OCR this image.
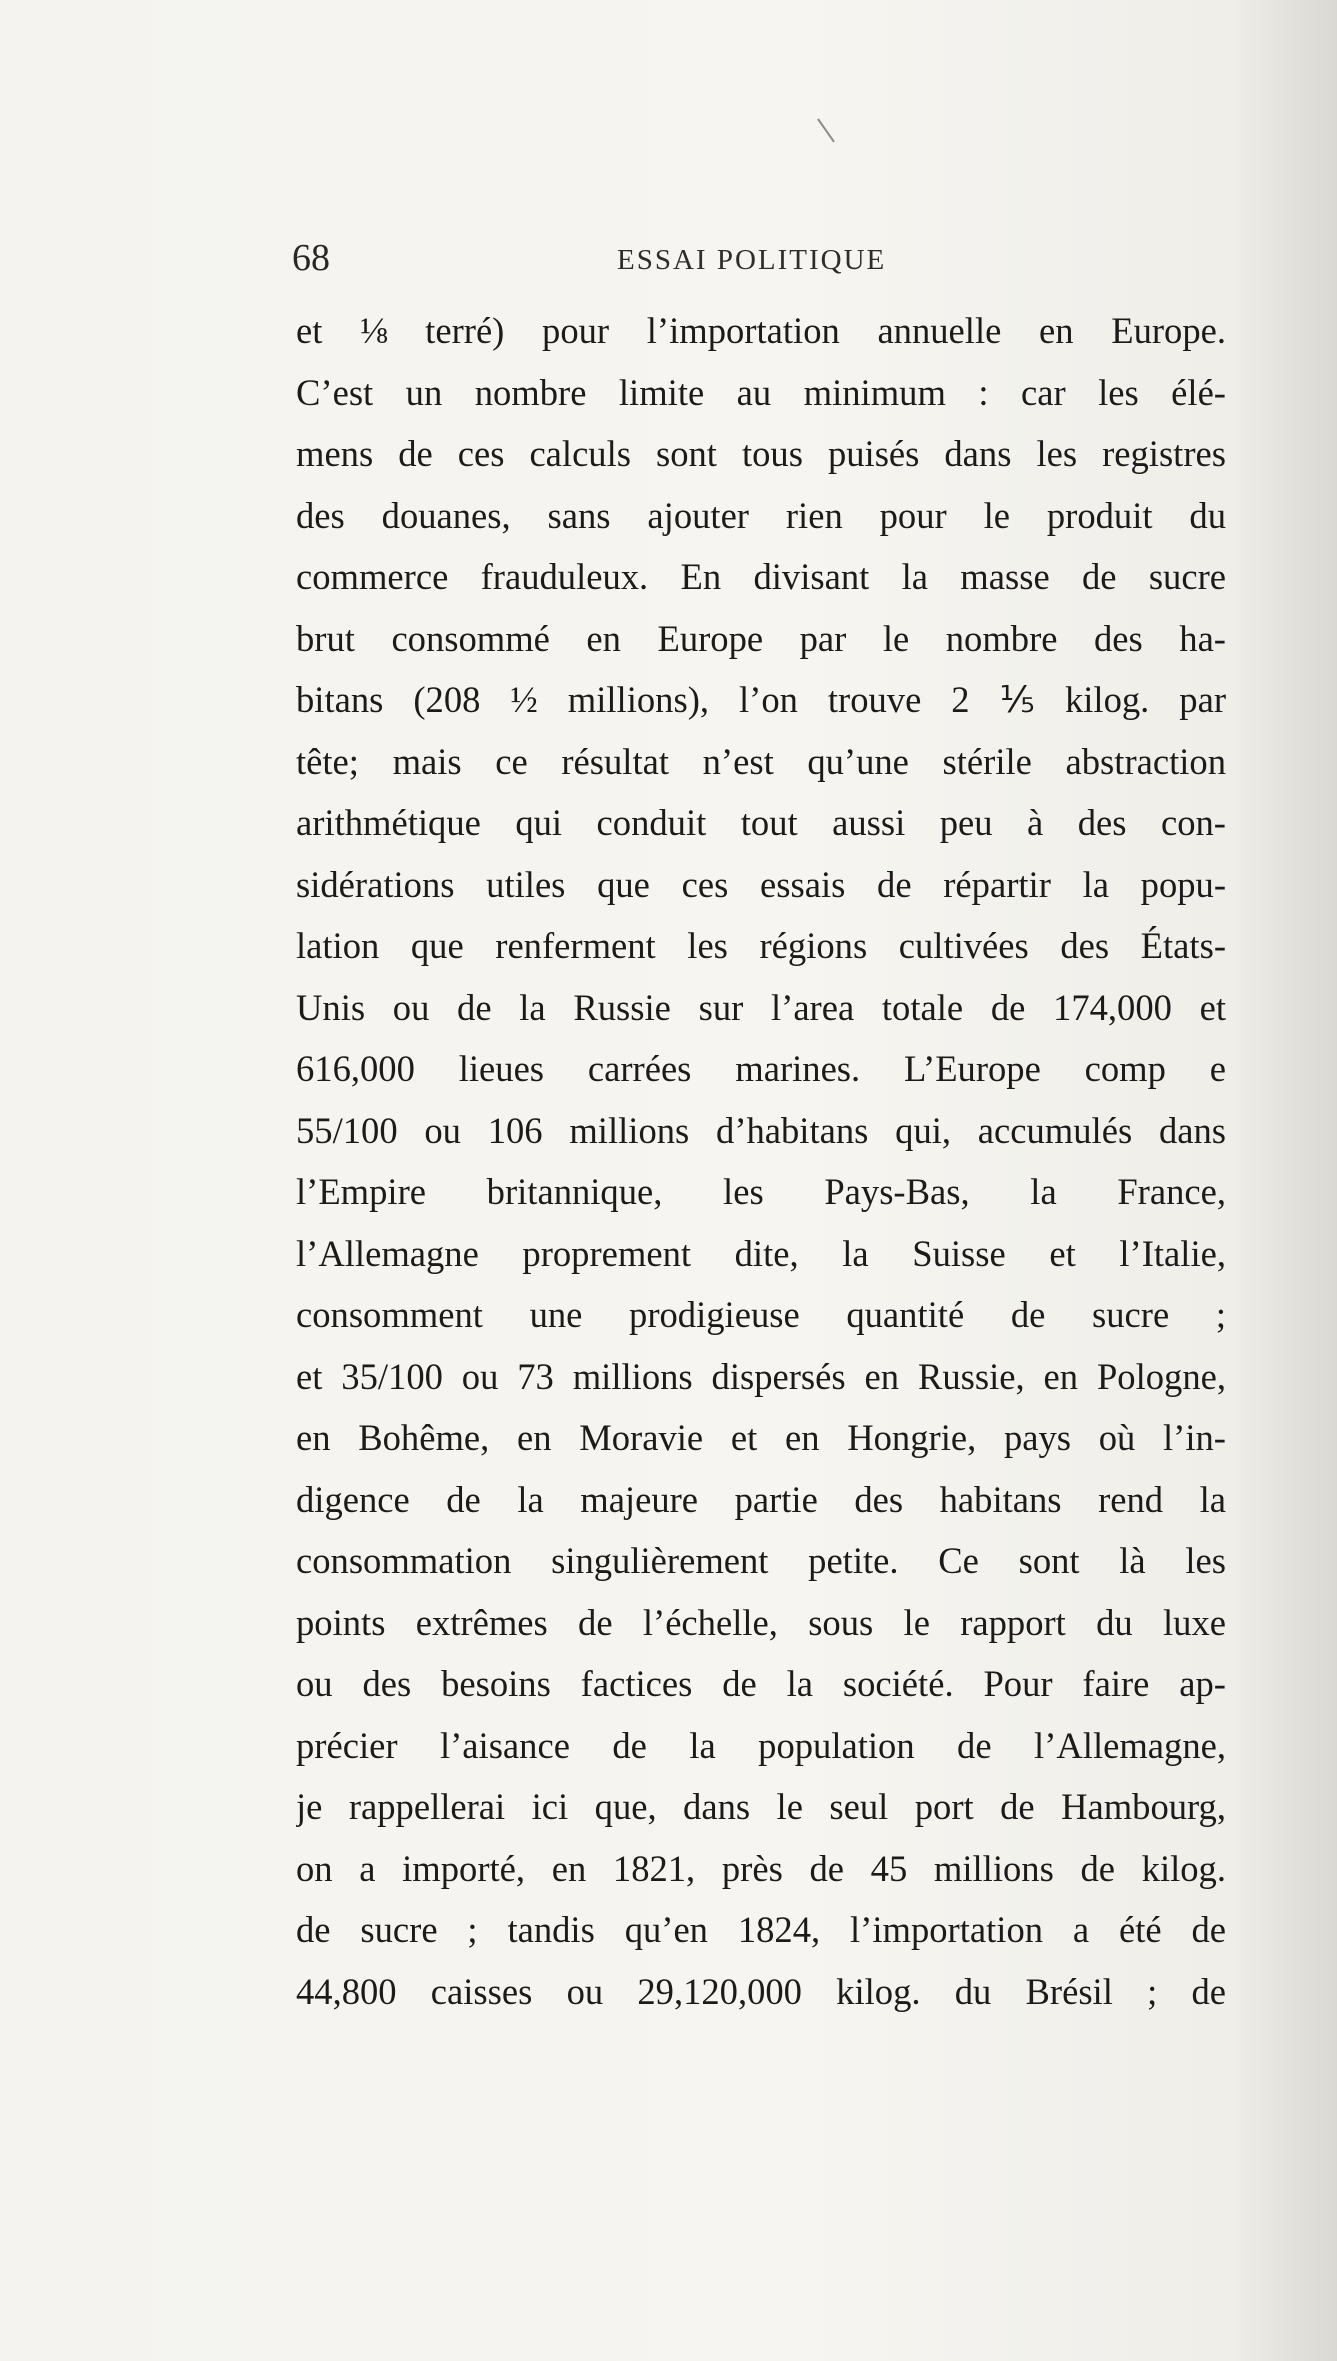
68	ESSAI POLITIQUE
et ⅛ terré) pour l’importation annuelle en Europe.
C’est un nombre limite au minimum : car les élé-
mens de ces calculs sont tous puisés dans les registres
des douanes, sans ajouter rien pour le produit du
commerce frauduleux. En divisant la masse de sucre
brut consommé en Europe par le nombre des ha-
bitans (208 ½ millions), l’on trouve 2 ⅕ kilog. par
tête; mais ce résultat n’est qu’une stérile abstraction
arithmétique qui conduit tout aussi peu à des con-
sidérations utiles que ces essais de répartir la popu-
lation que renferment les régions cultivées des États-
Unis ou de la Russie sur l’area totale de 174,000 et
616,000 lieues carrées marines. L’Europe comp e
55/100 ou 106 millions d’habitans qui, accumulés dans
l’Empire britannique, les Pays-Bas, la France,
l’Allemagne proprement dite, la Suisse et l’Italie,
consomment une prodigieuse quantité de sucre ;
et 35/100 ou 73 millions dispersés en Russie, en Pologne,
en Bohême, en Moravie et en Hongrie, pays où l’in-
digence de la majeure partie des habitans rend la
consommation singulièrement petite. Ce sont là les
points extrêmes de l’échelle, sous le rapport du luxe
ou des besoins factices de la société. Pour faire ap-
précier l’aisance de la population de l’Allemagne,
je rappellerai ici que, dans le seul port de Hambourg,
on a importé, en 1821, près de 45 millions de kilog.
de sucre ; tandis qu’en 1824, l’importation a été de
44,800 caisses ou 29,120,000 kilog. du Brésil ; de
